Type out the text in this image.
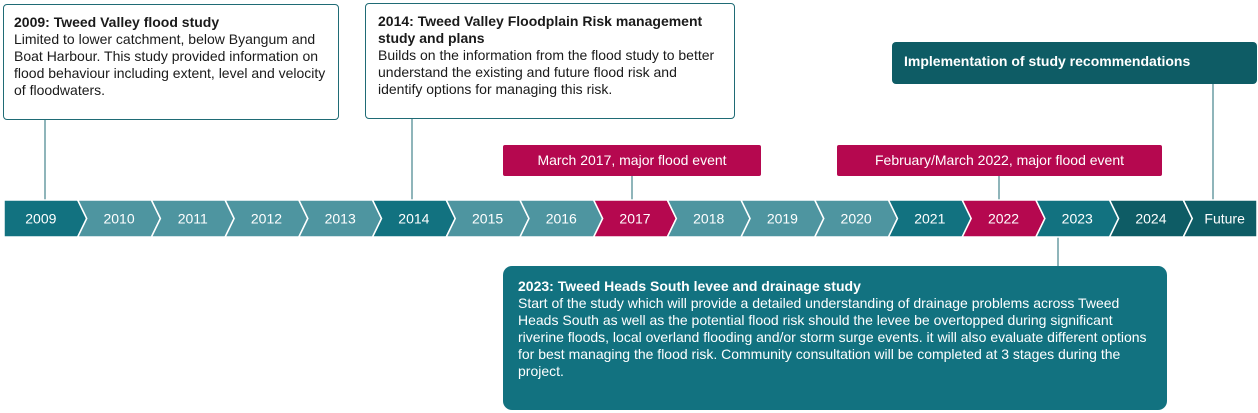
2009	2010	2011	2012	2013	2014	2015	2016	2017	2018	2019	2020	2021	2022	2023	2024	Future
2009: Tweed Valley flood study
Limited to lower catchment, below Byangum and Boat Harbour. This study provided information on flood behaviour including extent, level and velocity of floodwaters.
2014: Tweed Valley Floodplain Risk management study and plans
Builds on the information from the flood study to better understand the existing and future flood risk and identify options for managing this risk.
Implementation of study recommendations
March 2017, major flood event	February/March 2022, major flood event
2023: Tweed Heads South levee and drainage study
Start of the study which will provide a detailed understanding of drainage problems across Tweed Heads South as well as the potential flood risk should the levee be overtopped during significant riverine floods, local overland flooding and/or storm surge events. it will also evaluate different options for best managing the flood risk. Community consultation will be completed at 3 stages during the project.
